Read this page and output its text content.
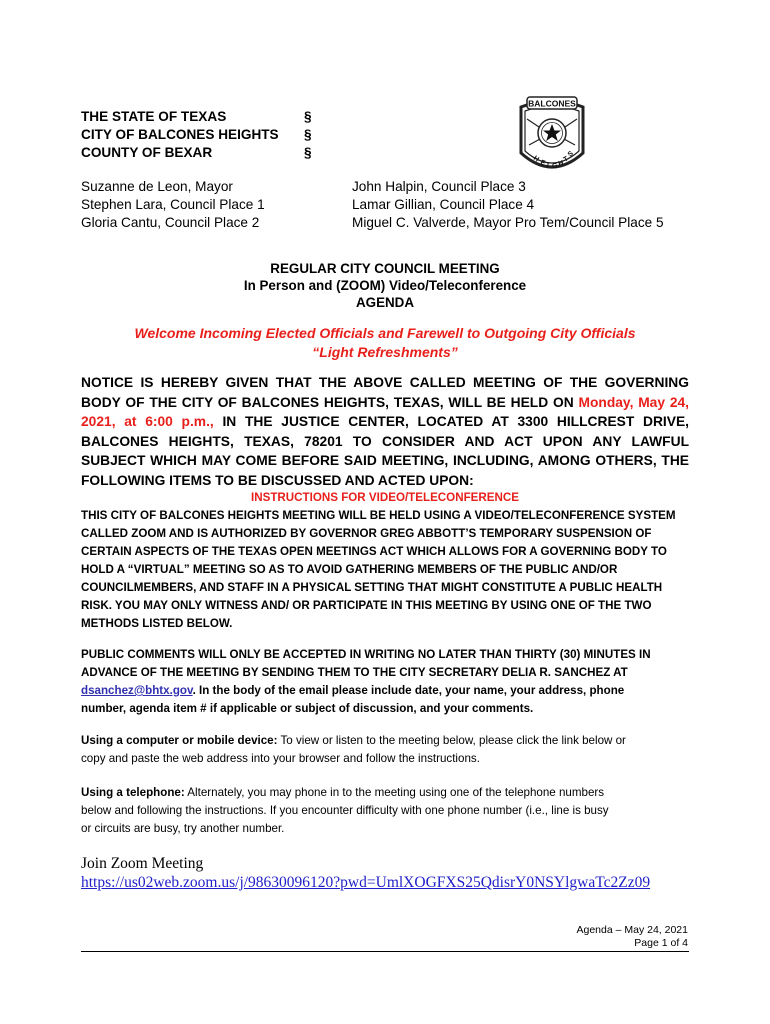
THE STATE OF TEXAS
CITY OF BALCONES HEIGHTS
COUNTY OF BEXAR
§
§
§
BALCONES
H E I G H
T
S
Suzanne de Leon, Mayor
Stephen Lara, Council Place 1
Gloria Cantu, Council Place 2
John Halpin, Council Place 3
Lamar Gillian, Council Place 4
Miguel C. Valverde, Mayor Pro Tem/Council Place 5
REGULAR CITY COUNCIL MEETING
In Person and (ZOOM) Video/Teleconference
AGENDA
Welcome Incoming Elected Officials and Farewell to Outgoing City Officials
“Light Refreshments”
NOTICE IS HEREBY GIVEN THAT THE ABOVE CALLED MEETING OF THE GOVERNING BODY OF THE CITY OF BALCONES HEIGHTS, TEXAS, WILL BE HELD ON Monday, May 24, 2021, at 6:00 p.m., IN THE JUSTICE CENTER, LOCATED AT 3300 HILLCREST DRIVE, BALCONES HEIGHTS, TEXAS, 78201 TO CONSIDER AND ACT UPON ANY LAWFUL SUBJECT WHICH MAY COME BEFORE SAID MEETING, INCLUDING, AMONG OTHERS, THE FOLLOWING ITEMS TO BE DISCUSSED AND ACTED UPON:
INSTRUCTIONS FOR VIDEO/TELECONFERENCE
THIS CITY OF BALCONES HEIGHTS MEETING WILL BE HELD USING A VIDEO/TELECONFERENCE SYSTEM
CALLED ZOOM AND IS AUTHORIZED BY GOVERNOR GREG ABBOTT’S TEMPORARY SUSPENSION OF
CERTAIN ASPECTS OF THE TEXAS OPEN MEETINGS ACT WHICH ALLOWS FOR A GOVERNING BODY TO
HOLD A “VIRTUAL” MEETING SO AS TO AVOID GATHERING MEMBERS OF THE PUBLIC AND/OR
COUNCILMEMBERS, AND STAFF IN A PHYSICAL SETTING THAT MIGHT CONSTITUTE A PUBLIC HEALTH
RISK. YOU MAY ONLY WITNESS AND/ OR PARTICIPATE IN THIS MEETING BY USING ONE OF THE TWO
METHODS LISTED BELOW.
PUBLIC COMMENTS WILL ONLY BE ACCEPTED IN WRITING NO LATER THAN THIRTY (30) MINUTES IN
ADVANCE OF THE MEETING BY SENDING THEM TO THE CITY SECRETARY DELIA R. SANCHEZ AT
dsanchez@bhtx.gov. In the body of the email please include date, your name, your address, phone
number, agenda item # if applicable or subject of discussion, and your comments.
Using a computer or mobile device: To view or listen to the meeting below, please click the link below or
copy and paste the web address into your browser and follow the instructions.
Using a telephone: Alternately, you may phone in to the meeting using one of the telephone numbers
below and following the instructions. If you encounter difficulty with one phone number (i.e., line is busy
or circuits are busy, try another number.
Join Zoom Meeting
https://us02web.zoom.us/j/98630096120?pwd=UmlXOGFXS25QdisrY0NSYlgwaTc2Zz09
Agenda – May 24, 2021
Page 1 of 4
